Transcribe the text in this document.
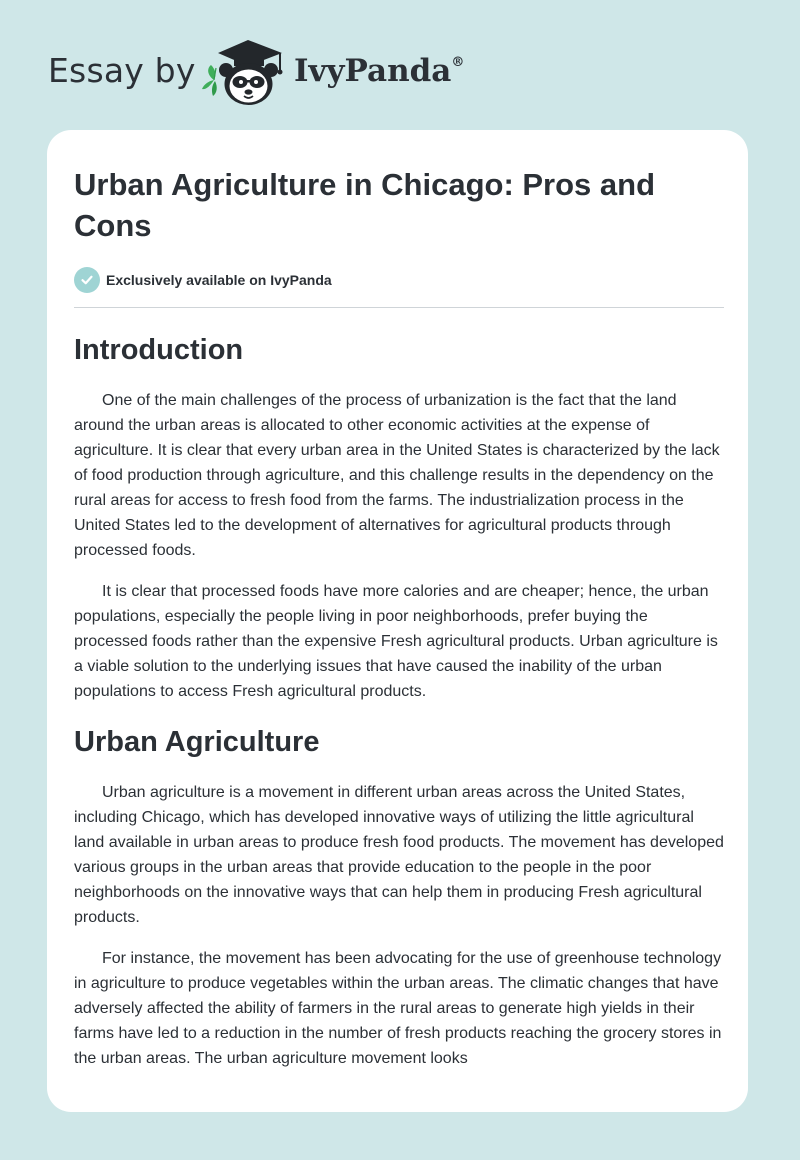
Essay by	IvyPanda®
Urban Agriculture in Chicago: Pros and Cons
Exclusively available on IvyPanda
Introduction

One of the main challenges of the process of urbanization is the fact that the land around the urban areas is allocated to other economic activities at the expense of agriculture. It is clear that every urban area in the United States is characterized by the lack of food production through agriculture, and this challenge results in the dependency on the rural areas for access to fresh food from the farms. The industrialization process in the United States led to the development of alternatives for agricultural products through processed foods.

It is clear that processed foods have more calories and are cheaper; hence, the urban populations, especially the people living in poor neighborhoods, prefer buying the processed foods rather than the expensive Fresh agricultural products. Urban agriculture is a viable solution to the underlying issues that have caused the inability of the urban populations to access Fresh agricultural products.

Urban Agriculture

Urban agriculture is a movement in different urban areas across the United States, including Chicago, which has developed innovative ways of utilizing the little agricultural land available in urban areas to produce fresh food products. The movement has developed various groups in the urban areas that provide education to the people in the poor neighborhoods on the innovative ways that can help them in producing Fresh agricultural products.

For instance, the movement has been advocating for the use of greenhouse technology in agriculture to produce vegetables within the urban areas. The climatic changes that have adversely affected the ability of farmers in the rural areas to generate high yields in their farms have led to a reduction in the number of fresh products reaching the grocery stores in the urban areas. The urban agriculture movement looks
